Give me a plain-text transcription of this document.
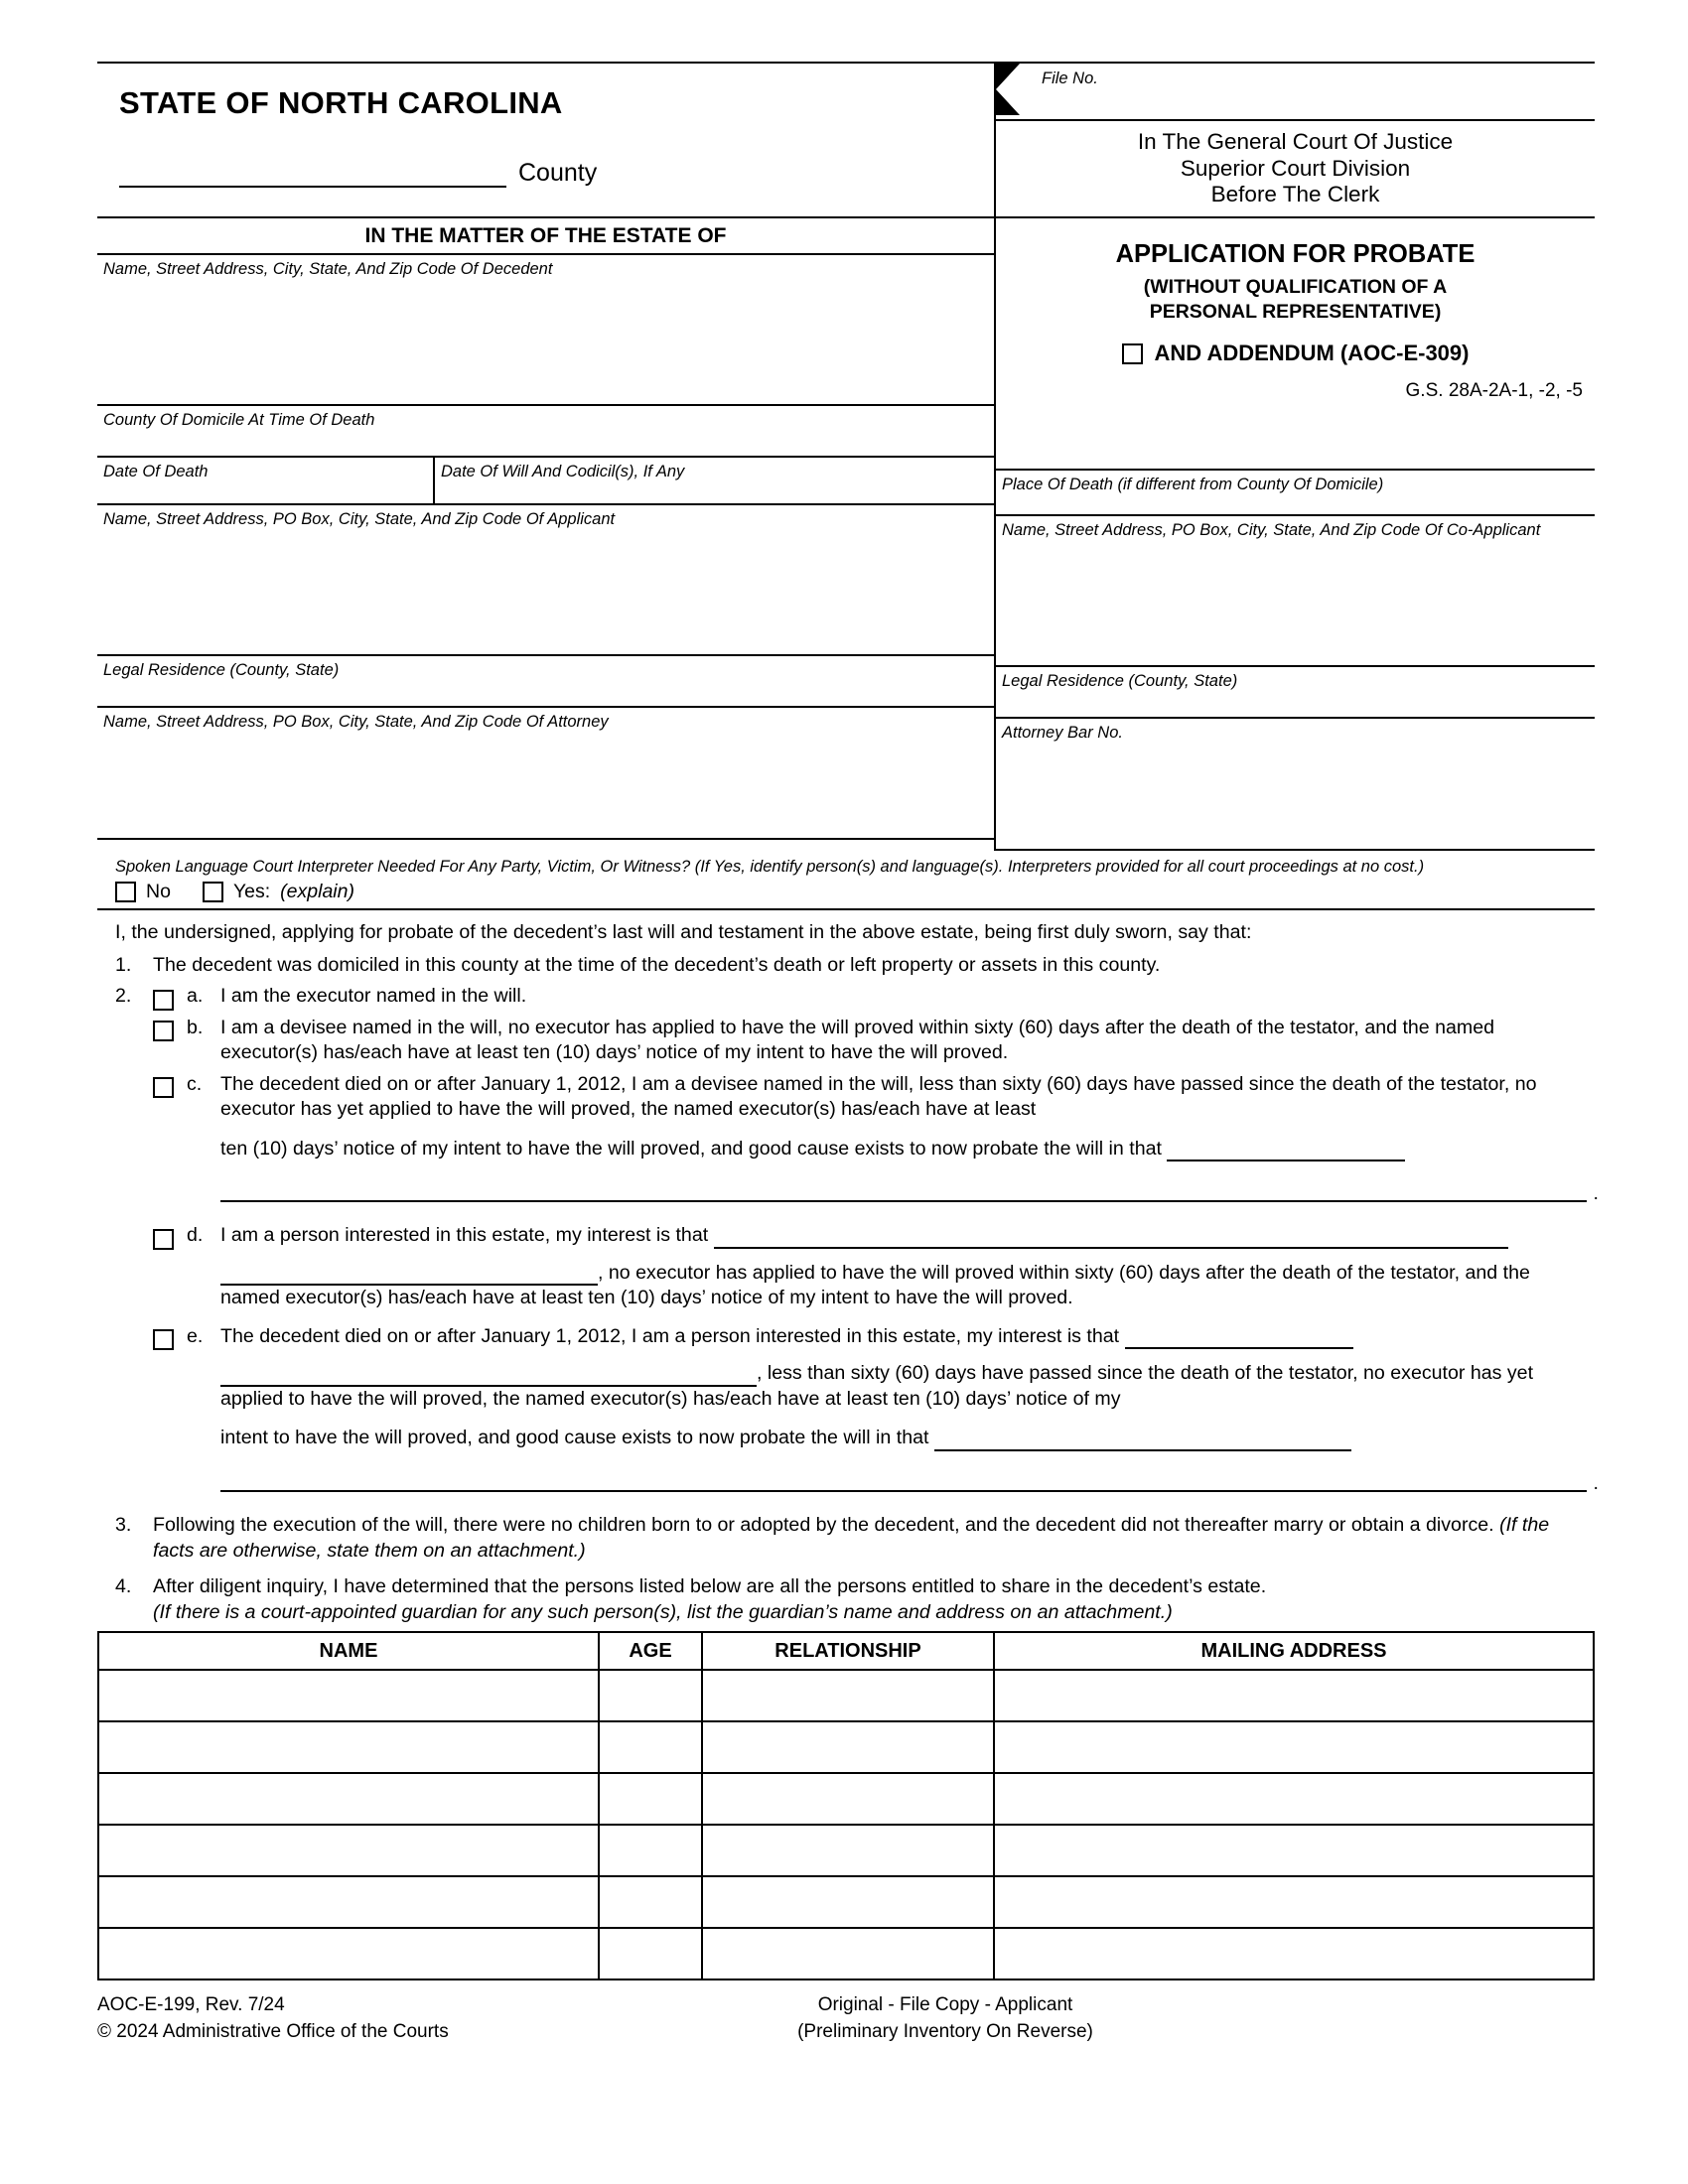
STATE OF NORTH CAROLINA
County
File No.
In The General Court Of Justice
Superior Court Division
Before The Clerk
IN THE MATTER OF THE ESTATE OF
Name, Street Address, City, State, And Zip Code Of Decedent
County Of Domicile At Time Of Death
Date Of Death	Date Of Will And Codicil(s), If Any
Name, Street Address, PO Box, City, State, And Zip Code Of Applicant
Legal Residence (County, State)
Name, Street Address, PO Box, City, State, And Zip Code Of Attorney
APPLICATION FOR PROBATE
(WITHOUT QUALIFICATION OF A
PERSONAL REPRESENTATIVE)
AND ADDENDUM (AOC-E-309)
G.S. 28A-2A-1, -2, -5
Place Of Death (if different from County Of Domicile)
Name, Street Address, PO Box, City, State, And Zip Code Of Co-Applicant
Legal Residence (County, State)
Attorney Bar No.
Spoken Language Court Interpreter Needed For Any Party, Victim, Or Witness? (If Yes, identify person(s) and language(s). Interpreters provided for all court proceedings at no cost.)
No	Yes: (explain)
I, the undersigned, applying for probate of the decedent’s last will and testament in the above estate, being first duly sworn, say that:
1.	The decedent was domiciled in this county at the time of the decedent’s death or left property or assets in this county.
2.	a. I am the executor named in the will.
b. I am a devisee named in the will, no executor has applied to have the will proved within sixty (60) days after the death of the testator, and the named executor(s) has/each have at least ten (10) days’ notice of my intent to have the will proved.
c. The decedent died on or after January 1, 2012, I am a devisee named in the will, less than sixty (60) days have passed since the death of the testator, no executor has yet applied to have the will proved, the named executor(s) has/each have at least
ten (10) days’ notice of my intent to have the will proved, and good cause exists to now probate the will in that
.
d. I am a person interested in this estate, my interest is that
, no executor has applied to have the will proved within sixty (60) days after the death of the testator, and the named executor(s) has/each have at least ten (10) days’ notice of my intent to have the will proved.
e. The decedent died on or after January 1, 2012, I am a person interested in this estate, my interest is that
, less than sixty (60) days have passed since the death of the testator, no executor has yet applied to have the will proved, the named executor(s) has/each have at least ten (10) days’ notice of my
intent to have the will proved, and good cause exists to now probate the will in that
.
3.	Following the execution of the will, there were no children born to or adopted by the decedent, and the decedent did not thereafter marry or obtain a divorce. (If the facts are otherwise, state them on an attachment.)
4.	After diligent inquiry, I have determined that the persons listed below are all the persons entitled to share in the decedent’s estate.
(If there is a court-appointed guardian for any such person(s), list the guardian’s name and address on an attachment.)
NAME	AGE	RELATIONSHIP	MAILING ADDRESS

AOC-E-199, Rev. 7/24
© 2024 Administrative Office of the Courts
Original - File Copy - Applicant
(Preliminary Inventory On Reverse)
